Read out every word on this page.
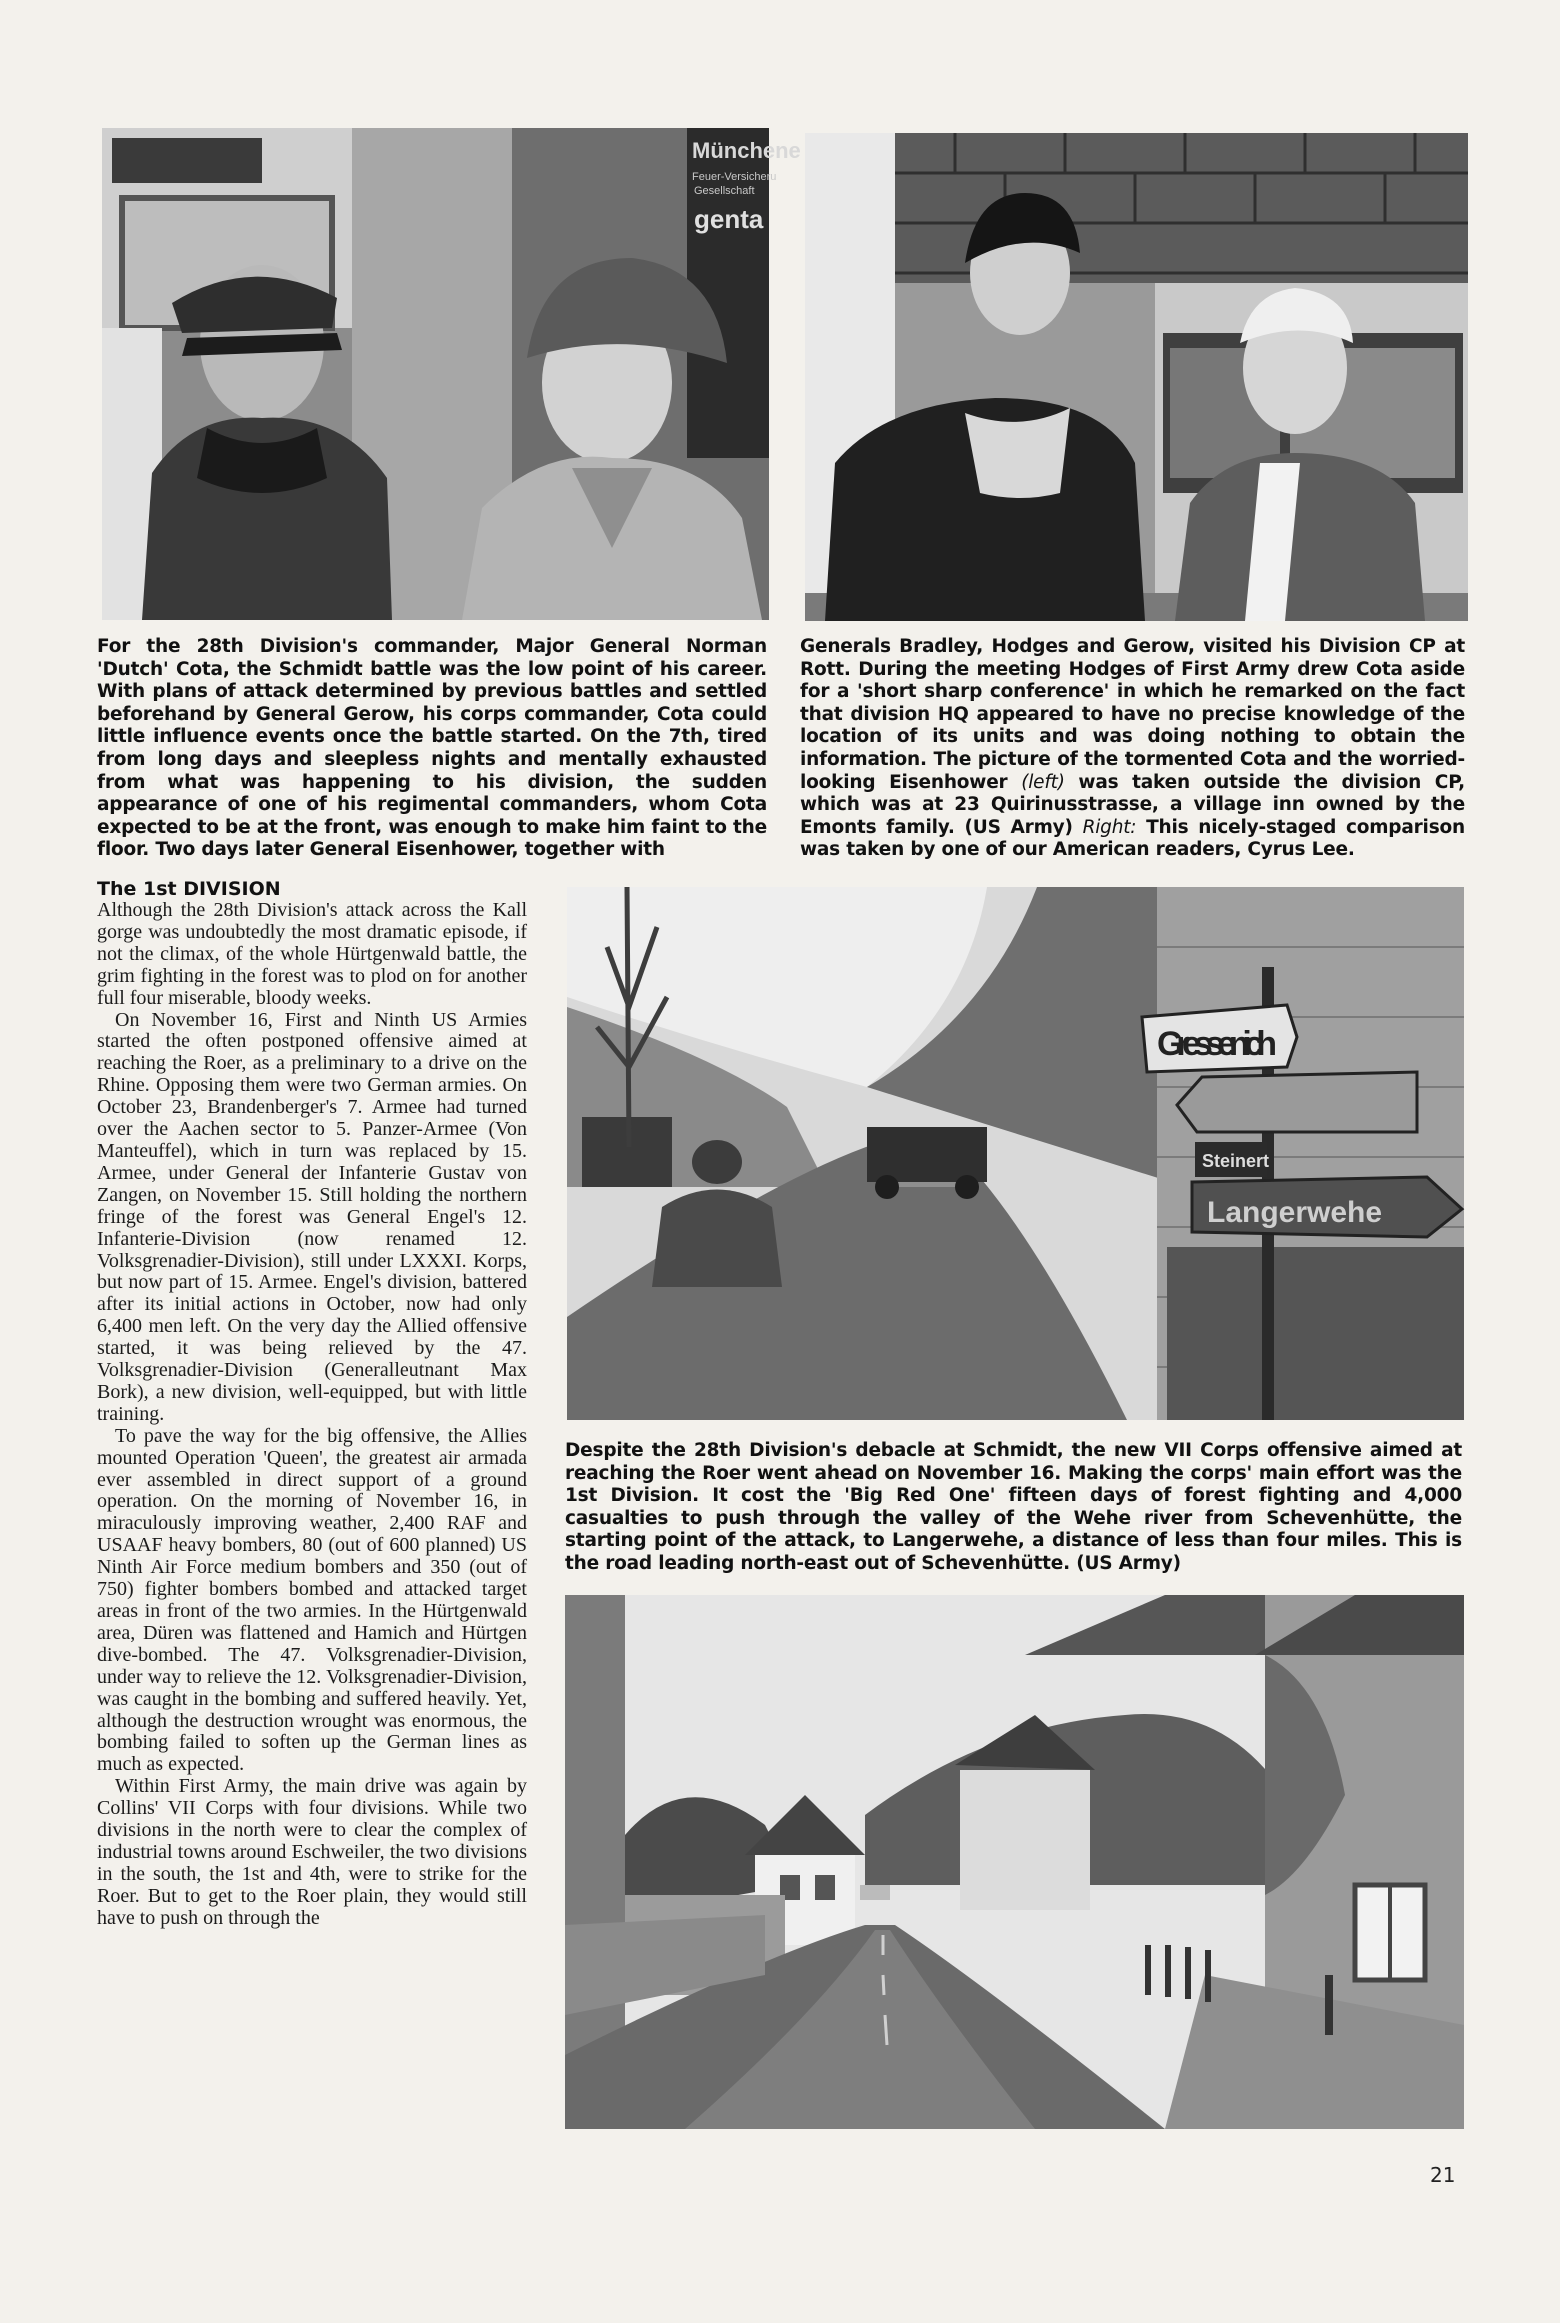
Münchene
Feuer-Versicheru
Gesellschaft
genta

For the 28th Division's commander, Major General Norman 'Dutch' Cota, the Schmidt battle was the low point of his career. With plans of attack determined by previous battles and settled beforehand by General Gerow, his corps commander, Cota could little influence events once the battle started. On the 7th, tired from long days and sleepless nights and mentally exhausted from what was happening to his division, the sudden appearance of one of his regimental commanders, whom Cota expected to be at the front, was enough to make him faint to the floor. Two days later General Eisenhower, together with

Generals Bradley, Hodges and Gerow, visited his Division CP at Rott. During the meeting Hodges of First Army drew Cota aside for a 'short sharp conference' in which he remarked on the fact that division HQ appeared to have no precise knowledge of the location of its units and was doing nothing to obtain the information. The picture of the tormented Cota and the worried-looking Eisenhower (left) was taken outside the division CP, which was at 23 Quirinusstrasse, a village inn owned by the Emonts family. (US Army) Right: This nicely-staged comparison was taken by one of our American readers, Cyrus Lee.

Gressenich
Steinert
Langerwehe

Despite the 28th Division's debacle at Schmidt, the new VII Corps offensive aimed at reaching the Roer went ahead on November 16. Making the corps' main effort was the 1st Division. It cost the 'Big Red One' fifteen days of forest fighting and 4,000 casualties to push through the valley of the Wehe river from Schevenhütte, the starting point of the attack, to Langerwehe, a distance of less than four miles. This is the road leading north-east out of Schevenhütte. (US Army)

The 1st DIVISION

Although the 28th Division's attack across the Kall gorge was undoubtedly the most dramatic episode, if not the climax, of the whole Hürtgenwald battle, the grim fighting in the forest was to plod on for another full four miserable, bloody weeks.

On November 16, First and Ninth US Armies started the often postponed offensive aimed at reaching the Roer, as a preliminary to a drive on the Rhine. Opposing them were two German armies. On October 23, Brandenberger's 7. Armee had turned over the Aachen sector to 5. Panzer-Armee (Von Manteuffel), which in turn was replaced by 15. Armee, under General der Infanterie Gustav von Zangen, on November 15. Still holding the northern fringe of the forest was General Engel's 12. Infanterie-Division (now renamed 12. Volksgrenadier-Division), still under LXXXI. Korps, but now part of 15. Armee. Engel's division, battered after its initial actions in October, now had only 6,400 men left. On the very day the Allied offensive started, it was being relieved by the 47. Volksgrenadier-Division (Generalleutnant Max Bork), a new division, well-equipped, but with little training.

To pave the way for the big offensive, the Allies mounted Operation 'Queen', the greatest air armada ever assembled in direct support of a ground operation. On the morning of November 16, in miraculously improving weather, 2,400 RAF and USAAF heavy bombers, 80 (out of 600 planned) US Ninth Air Force medium bombers and 350 (out of 750) fighter bombers bombed and attacked target areas in front of the two armies. In the Hürtgenwald area, Düren was flattened and Hamich and Hürtgen dive-bombed. The 47. Volksgrenadier-Division, under way to relieve the 12. Volksgrenadier-Division, was caught in the bombing and suffered heavily. Yet, although the destruction wrought was enormous, the bombing failed to soften up the German lines as much as expected.

Within First Army, the main drive was again by Collins' VII Corps with four divisions. While two divisions in the north were to clear the complex of industrial towns around Eschweiler, the two divisions in the south, the 1st and 4th, were to strike for the Roer. But to get to the Roer plain, they would still have to push on through the

21
